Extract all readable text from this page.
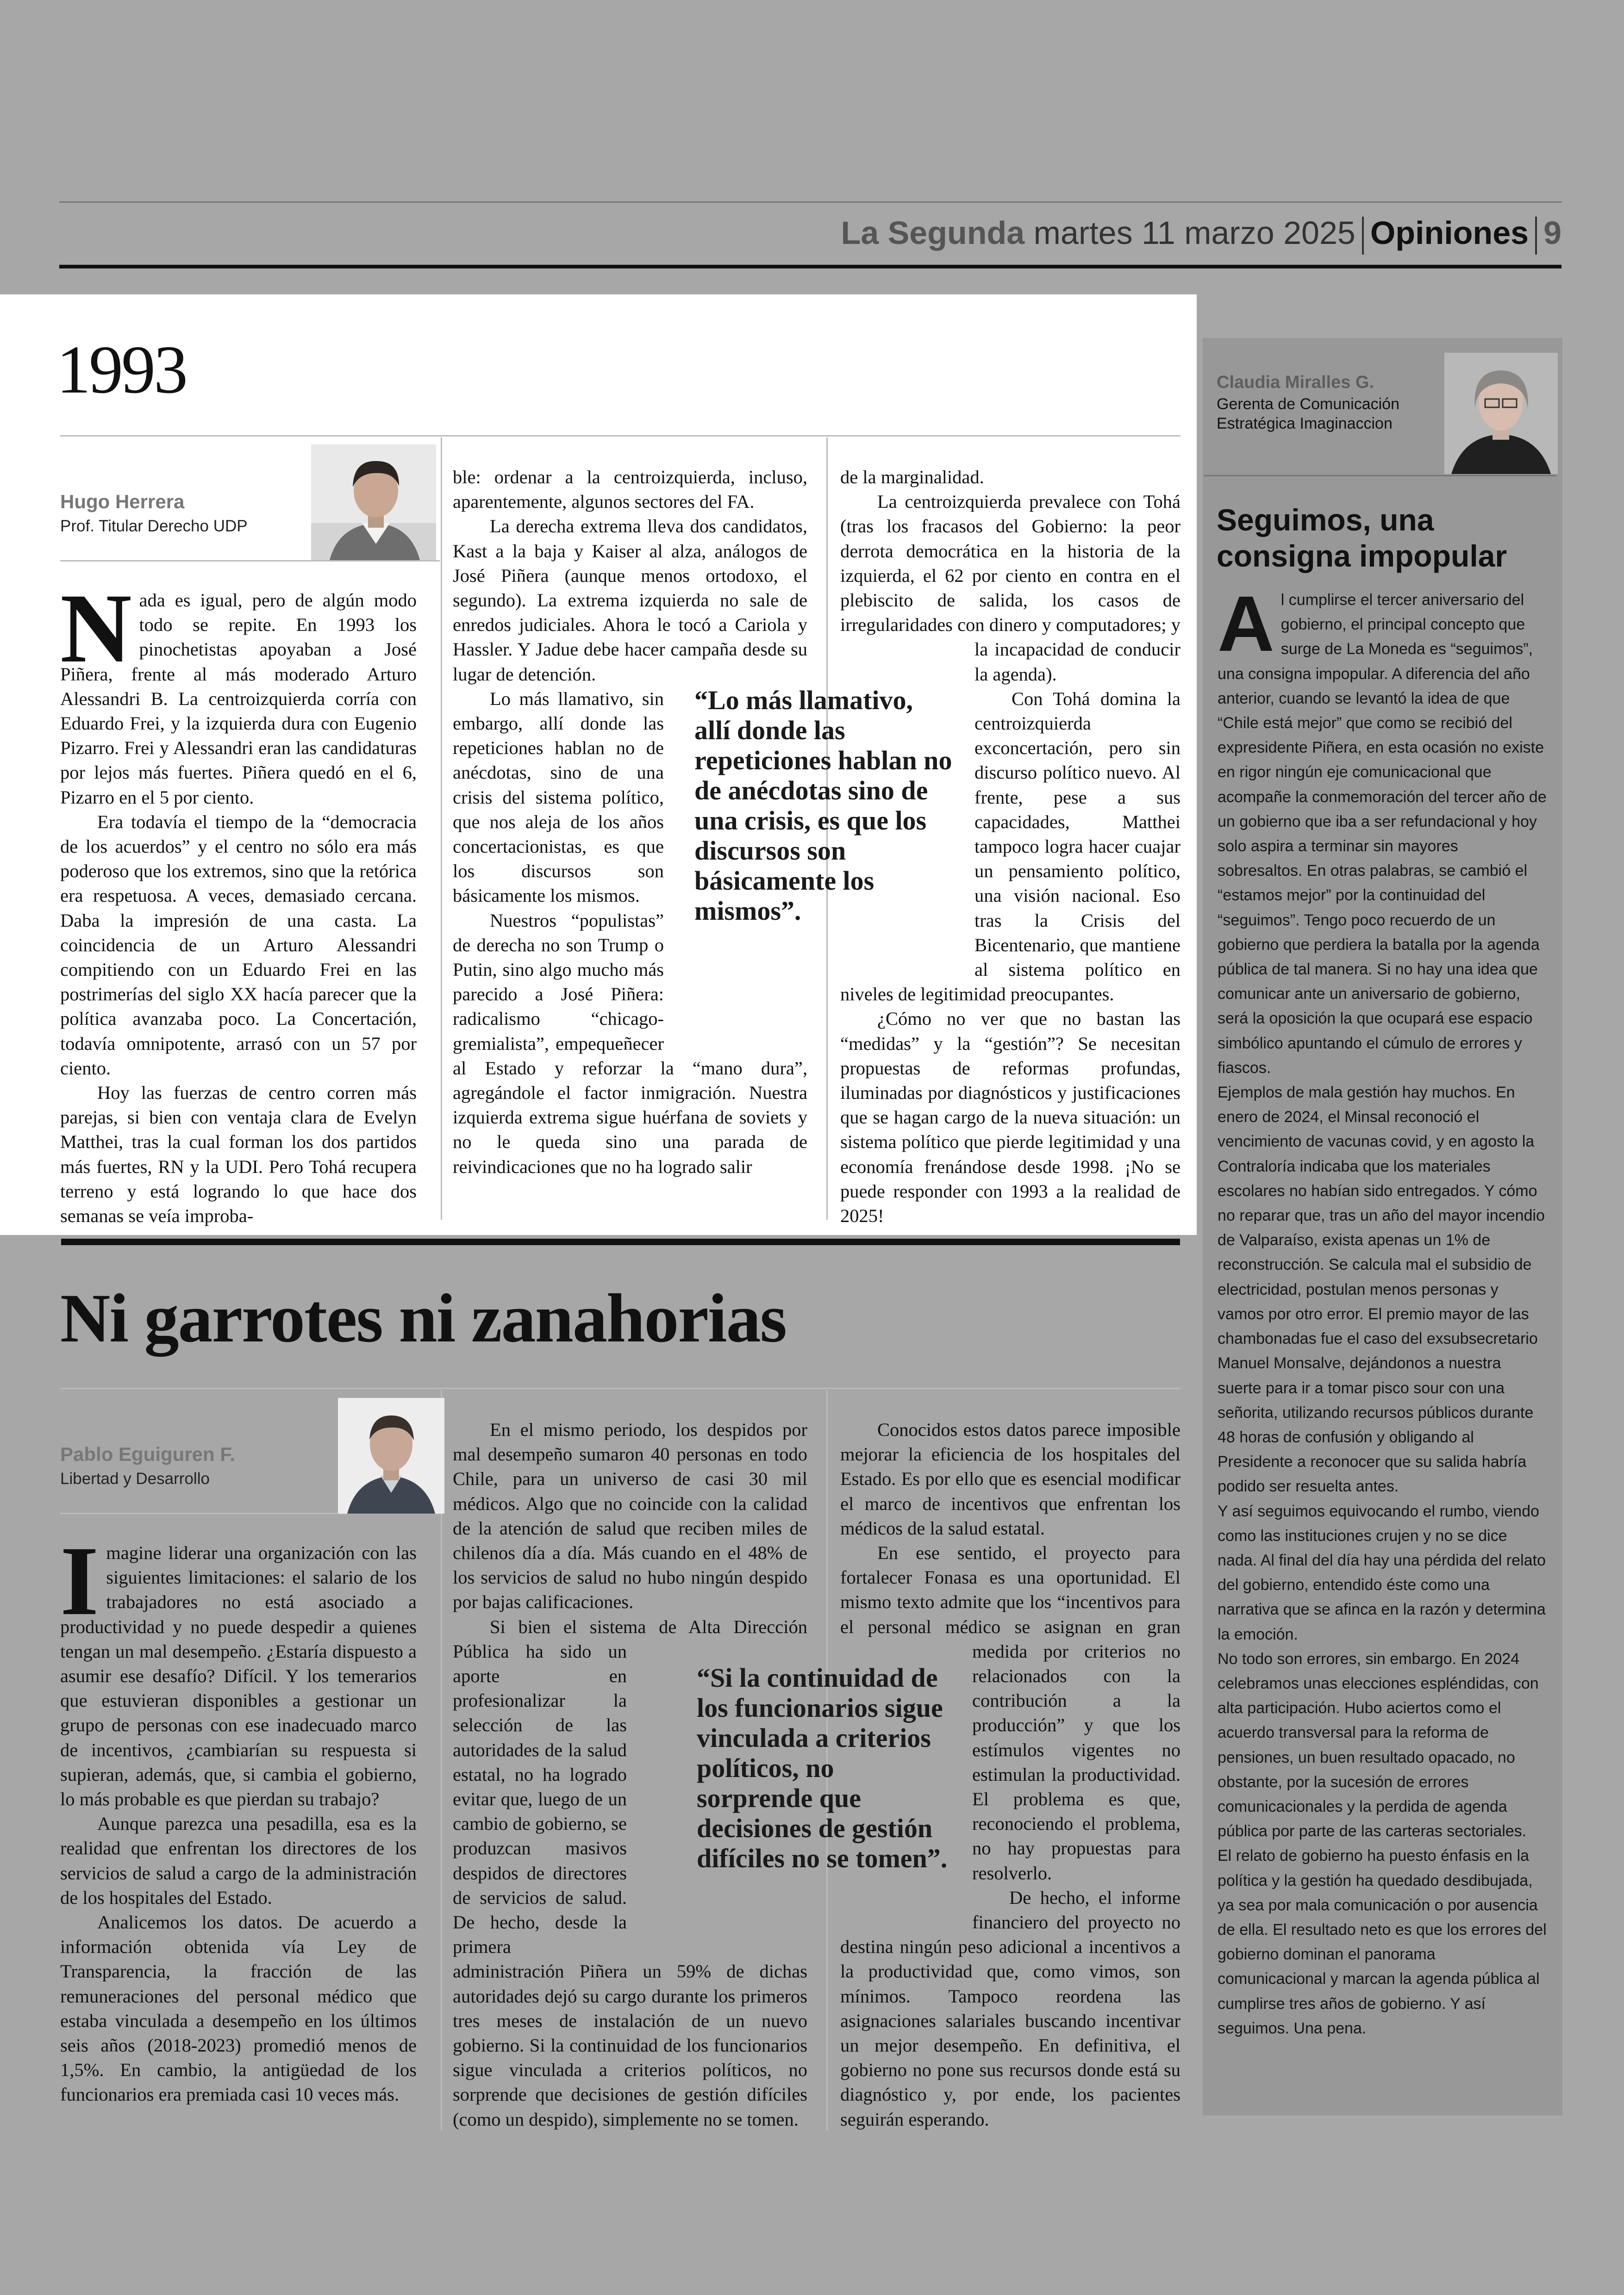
La Segunda martes 11 marzo 2025 Opiniones 9
1993
Hugo Herrera
Prof. Titular Derecho UDP
N ada es igual, pero de algún modo todo se repite. En 1993 los pinochetistas apoyaban a José Piñera, frente al más moderado Arturo Alessandri B. La centroizquierda corría con Eduardo Frei, y la izquierda dura con Eugenio Pizarro. Frei y Alessandri eran las candidaturas por lejos más fuertes. Piñera quedó en el 6, Pizarro en el 5 por ciento.

Era todavía el tiempo de la “democracia de los acuerdos” y el centro no sólo era más poderoso que los extremos, sino que la retórica era respetuosa. A veces, demasiado cercana. Daba la impresión de una casta. La coincidencia de un Arturo Alessandri compitiendo con un Eduardo Frei en las postrimerías del siglo XX hacía parecer que la política avanzaba poco. La Concertación, todavía omnipotente, arrasó con un 57 por ciento.

Hoy las fuerzas de centro corren más parejas, si bien con ventaja clara de Evelyn Matthei, tras la cual forman los dos partidos más fuertes, RN y la UDI. Pero Tohá recupera terreno y está logrando lo que hace dos semanas se veía improba-

ble: ordenar a la centroizquierda, incluso, aparentemente, algunos sectores del FA.

La derecha extrema lleva dos candidatos, Kast a la baja y Kaiser al alza, análogos de José Piñera (aunque menos ortodoxo, el segundo). La extrema izquierda no sale de enredos judiciales. Ahora le tocó a Cariola y Hassler. Y Jadue debe hacer campaña desde su lugar de detención.

Lo más llamativo, sin embargo, allí donde las repeticiones hablan no de anécdotas, sino de una crisis del sistema político, que nos aleja de los años concertacionistas, es que los discursos son básicamente los mismos.

Nuestros “populistas” de derecha no son Trump o Putin, sino algo mucho más parecido a José Piñera: radicalismo “chicago-gremialista”, empequeñecer al Estado y reforzar la “mano dura”, agregándole el factor inmigración. Nuestra izquierda extrema sigue huérfana de soviets y no le queda sino una parada de reivindicaciones que no ha logrado salir

de la marginalidad.

La centroizquierda prevalece con Tohá (tras los fracasos del Gobierno: la peor derrota democrática en la historia de la izquierda, el 62 por ciento en contra en el plebiscito de salida, los casos de irregularidades con dinero y computadores; y la incapacidad de conducir la agenda).

Con Tohá domina la centroizquierda exconcertación, pero sin discurso político nuevo. Al frente, pese a sus capacidades, Matthei tampoco logra hacer cuajar un pensamiento político, una visión nacional. Eso tras la Crisis del Bicentenario, que mantiene al sistema político en niveles de legitimidad preocupantes.

¿Cómo no ver que no bastan las “medidas” y la “gestión”? Se necesitan propuestas de reformas profundas, iluminadas por diagnósticos y justificaciones que se hagan cargo de la nueva situación: un sistema político que pierde legitimidad y una economía frenándose desde 1998. ¡No se puede responder con 1993 a la realidad de 2025!

“Lo más llamativo, allí donde las repeticiones hablan no de anécdotas sino de una crisis, es que los discursos son básicamente los mismos”.
Ni garrotes ni zanahorias
Pablo Eguiguren F.
Libertad y Desarrollo
I magine liderar una organización con las siguientes limitaciones: el salario de los trabajadores no está asociado a productividad y no puede despedir a quienes tengan un mal desempeño. ¿Estaría dispuesto a asumir ese desafío? Difícil. Y los temerarios que estuvieran disponibles a gestionar un grupo de personas con ese inadecuado marco de incentivos, ¿cambiarían su respuesta si supieran, además, que, si cambia el gobierno, lo más probable es que pierdan su trabajo?

Aunque parezca una pesadilla, esa es la realidad que enfrentan los directores de los servicios de salud a cargo de la administración de los hospitales del Estado.

Analicemos los datos. De acuerdo a información obtenida vía Ley de Transparencia, la fracción de las remuneraciones del personal médico que estaba vinculada a desempeño en los últimos seis años (2018-2023) promedió menos de 1,5%. En cambio, la antigüedad de los funcionarios era premiada casi 10 veces más.

En el mismo periodo, los despidos por mal desempeño sumaron 40 personas en todo Chile, para un universo de casi 30 mil médicos. Algo que no coincide con la calidad de la atención de salud que reciben miles de chilenos día a día. Más cuando en el 48% de los servicios de salud no hubo ningún despido por bajas calificaciones.

Si bien el sistema de Alta Dirección Pública ha sido un aporte en profesionalizar la selección de las autoridades de la salud estatal, no ha logrado evitar que, luego de un cambio de gobierno, se produzcan masivos despidos de directores de servicios de salud. De hecho, desde la primera administración Piñera un 59% de dichas autoridades dejó su cargo durante los primeros tres meses de instalación de un nuevo gobierno. Si la continuidad de los funcionarios sigue vinculada a criterios políticos, no sorprende que decisiones de gestión difíciles (como un despido), simplemente no se tomen.

Conocidos estos datos parece imposible mejorar la eficiencia de los hospitales del Estado. Es por ello que es esencial modificar el marco de incentivos que enfrentan los médicos de la salud estatal.

En ese sentido, el proyecto para fortalecer Fonasa es una oportunidad. El mismo texto admite que los “incentivos para el personal médico se asignan en gran medida por criterios no relacionados con la contribución a la producción” y que los estímulos vigentes no estimulan la productividad. El problema es que, reconociendo el problema, no hay propuestas para resolverlo.

De hecho, el informe financiero del proyecto no destina ningún peso adicional a incentivos a la productividad que, como vimos, son mínimos. Tampoco reordena las asignaciones salariales buscando incentivar un mejor desempeño. En definitiva, el gobierno no pone sus recursos donde está su diagnóstico y, por ende, los pacientes seguirán esperando.

“Si la continuidad de los funcionarios sigue vinculada a criterios políticos, no sorprende que decisiones de gestión difíciles no se tomen”.
Claudia Miralles G.
Gerenta de Comunicación Estratégica Imaginaccion
Seguimos, una consigna impopular
A l cumplirse el tercer aniversario del gobierno, el principal concepto que surge de La Moneda es “seguimos”, una consigna impopular. A diferencia del año anterior, cuando se levantó la idea de que “Chile está mejor” que como se recibió del expresidente Piñera, en esta ocasión no existe en rigor ningún eje comunicacional que acompañe la conmemoración del tercer año de un gobierno que iba a ser refundacional y hoy solo aspira a terminar sin mayores sobresaltos. En otras palabras, se cambió el “estamos mejor” por la continuidad del “seguimos”. Tengo poco recuerdo de un gobierno que perdiera la batalla por la agenda pública de tal manera. Si no hay una idea que comunicar ante un aniversario de gobierno, será la oposición la que ocupará ese espacio simbólico apuntando el cúmulo de errores y fiascos.

Ejemplos de mala gestión hay muchos. En enero de 2024, el Minsal reconoció el vencimiento de vacunas covid, y en agosto la Contraloría indicaba que los materiales escolares no habían sido entregados. Y cómo no reparar que, tras un año del mayor incendio de Valparaíso, exista apenas un 1% de reconstrucción. Se calcula mal el subsidio de electricidad, postulan menos personas y vamos por otro error. El premio mayor de las chambonadas fue el caso del exsubsecretario Manuel Monsalve, dejándonos a nuestra suerte para ir a tomar pisco sour con una señorita, utilizando recursos públicos durante 48 horas de confusión y obligando al Presidente a reconocer que su salida habría podido ser resuelta antes.

Y así seguimos equivocando el rumbo, viendo como las instituciones crujen y no se dice nada. Al final del día hay una pérdida del relato del gobierno, entendido éste como una narrativa que se afinca en la razón y determina la emoción.

No todo son errores, sin embargo. En 2024 celebramos unas elecciones espléndidas, con alta participación. Hubo aciertos como el acuerdo transversal para la reforma de pensiones, un buen resultado opacado, no obstante, por la sucesión de errores comunicacionales y la perdida de agenda pública por parte de las carteras sectoriales.

El relato de gobierno ha puesto énfasis en la política y la gestión ha quedado desdibujada, ya sea por mala comunicación o por ausencia de ella. El resultado neto es que los errores del gobierno dominan el panorama comunicacional y marcan la agenda pública al cumplirse tres años de gobierno. Y así seguimos. Una pena.
